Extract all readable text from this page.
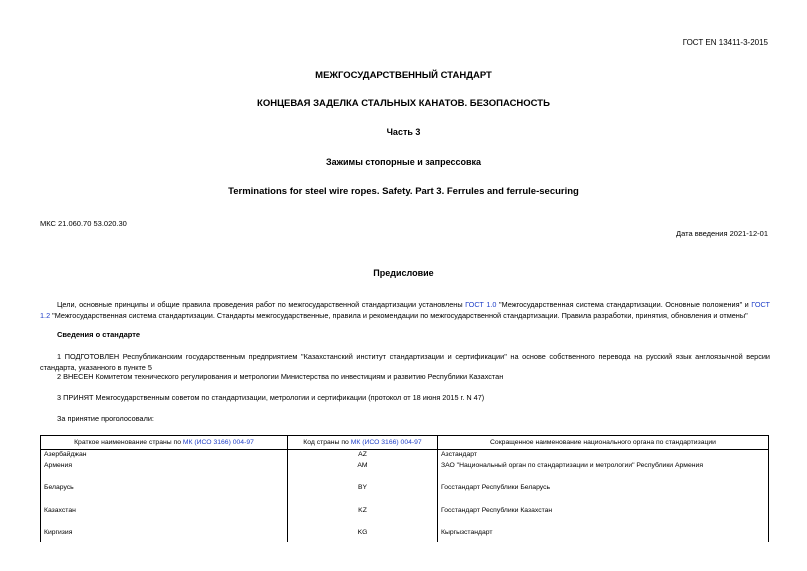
ГОСТ EN 13411-3-2015
МЕЖГОСУДАРСТВЕННЫЙ СТАНДАРТ
КОНЦЕВАЯ ЗАДЕЛКА СТАЛЬНЫХ КАНАТОВ. БЕЗОПАСНОСТЬ
Часть 3
Зажимы стопорные и запрессовка
Terminations for steel wire ropes. Safety. Part 3. Ferrules and ferrule-securing
МКС 21.060.70 53.020.30
Дата введения 2021-12-01
Предисловие
Цели, основные принципы и общие правила проведения работ по межгосударственной стандартизации установлены ГОСТ 1.0 "Межгосударственная система стандартизации. Основные положения" и ГОСТ 1.2 "Межгосударственная система стандартизации. Стандарты межгосударственные, правила и рекомендации по межгосударственной стандартизации. Правила разработки, принятия, обновления и отмены"
Сведения о стандарте
1 ПОДГОТОВЛЕН Республиканским государственным предприятием "Казахстанский институт стандартизации и сертификации" на основе собственного перевода на русский язык англоязычной версии стандарта, указанного в пункте 5
2 ВНЕСЕН Комитетом технического регулирования и метрологии Министерства по инвестициям и развитию Республики Казахстан
3 ПРИНЯТ Межгосударственным советом по стандартизации, метрологии и сертификации (протокол от 18 июня 2015 г. N 47)
За принятие проголосовали:
Краткое наименование страны по МК (ИСО 3166) 004-97	Код страны по МК (ИСО 3166) 004-97	Сокращенное наименование национального органа по стандартизации
Азербайджан	AZ	Азстандарт
Армения	AM	ЗАО "Национальный орган по стандартизации и метрологии" Республики Армения
Беларусь	BY	Госстандарт Республики Беларусь
Казахстан	KZ	Госстандарт Республики Казахстан
Киргизия	KG	Кыргызстандарт
